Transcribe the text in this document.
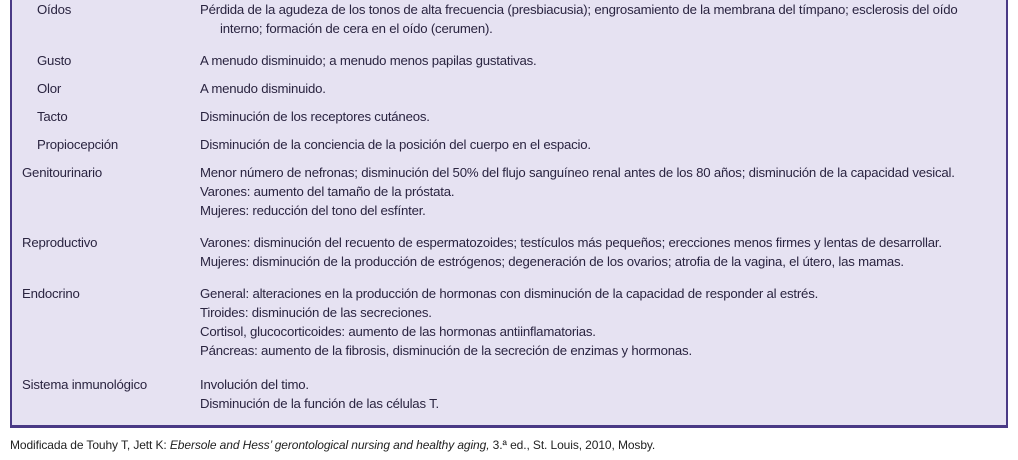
Oídos	Pérdida de la agudeza de los tonos de alta frecuencia (presbiacusia); engrosamiento de la membrana del tímpano; esclerosis del oído
interno; formación de cera en el oído (cerumen).
Gusto	A menudo disminuido; a menudo menos papilas gustativas.
Olor	A menudo disminuido.
Tacto	Disminución de los receptores cutáneos.
Propiocepción	Disminución de la conciencia de la posición del cuerpo en el espacio.
Genitourinario	Menor número de nefronas; disminución del 50% del flujo sanguíneo renal antes de los 80 años; disminución de la capacidad vesical.
Varones: aumento del tamaño de la próstata.
Mujeres: reducción del tono del esfínter.
Reproductivo	Varones: disminución del recuento de espermatozoides; testículos más pequeños; erecciones menos firmes y lentas de desarrollar.
Mujeres: disminución de la producción de estrógenos; degeneración de los ovarios; atrofia de la vagina, el útero, las mamas.
Endocrino	General: alteraciones en la producción de hormonas con disminución de la capacidad de responder al estrés.
Tiroides: disminución de las secreciones.
Cortisol, glucocorticoides: aumento de las hormonas antiinflamatorias.
Páncreas: aumento de la fibrosis, disminución de la secreción de enzimas y hormonas.
Sistema inmunológico	Involución del timo.
Disminución de la función de las células T.
Modificada de Touhy T, Jett K: Ebersole and Hess’ gerontological nursing and healthy aging, 3.ª ed., St. Louis, 2010, Mosby.
